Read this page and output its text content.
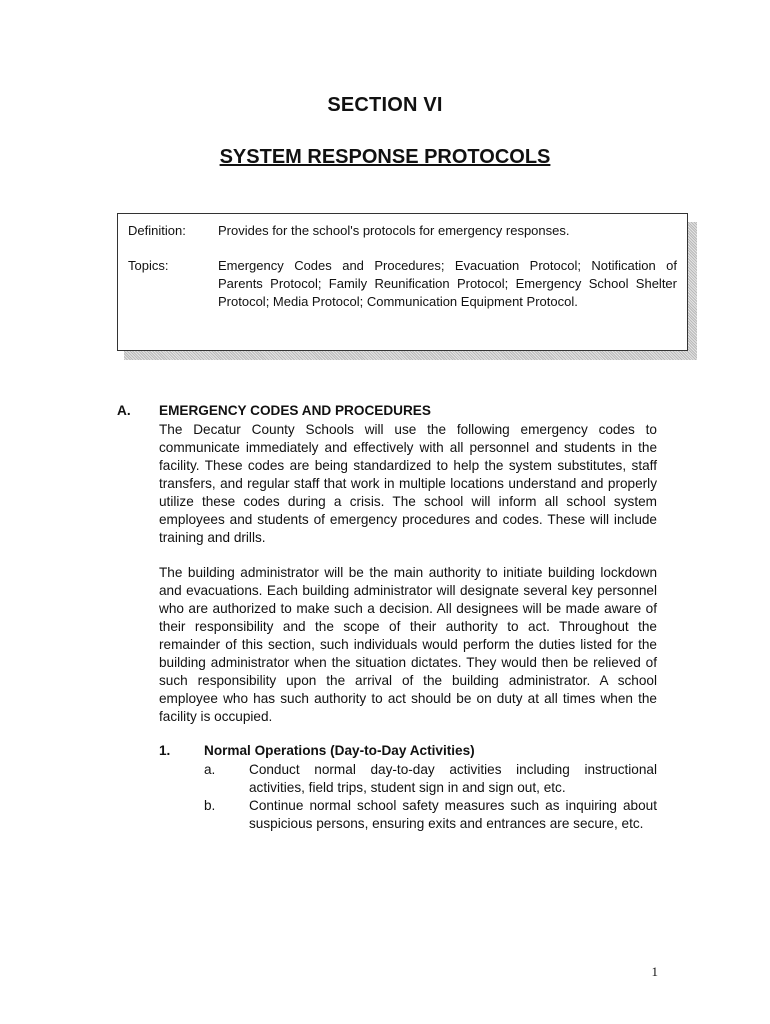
SECTION VI
SYSTEM RESPONSE PROTOCOLS
Definition:	Provides for the school's protocols for emergency responses.
Topics:	Emergency Codes and Procedures; Evacuation Protocol; Notification of Parents Protocol; Family Reunification Protocol; Emergency School Shelter Protocol; Media Protocol; Communication Equipment Protocol.
A. EMERGENCY CODES AND PROCEDURES
The Decatur County Schools will use the following emergency codes to communicate immediately and effectively with all personnel and students in the facility. These codes are being standardized to help the system substitutes, staff transfers, and regular staff that work in multiple locations understand and properly utilize these codes during a crisis. The school will inform all school system employees and students of emergency procedures and codes. These will include training and drills.
The building administrator will be the main authority to initiate building lockdown and evacuations. Each building administrator will designate several key personnel who are authorized to make such a decision. All designees will be made aware of their responsibility and the scope of their authority to act. Throughout the remainder of this section, such individuals would perform the duties listed for the building administrator when the situation dictates. They would then be relieved of such responsibility upon the arrival of the building administrator. A school employee who has such authority to act should be on duty at all times when the facility is occupied.
1. Normal Operations (Day-to-Day Activities)
a. Conduct normal day-to-day activities including instructional activities, field trips, student sign in and sign out, etc.
b. Continue normal school safety measures such as inquiring about suspicious persons, ensuring exits and entrances are secure, etc.
1
